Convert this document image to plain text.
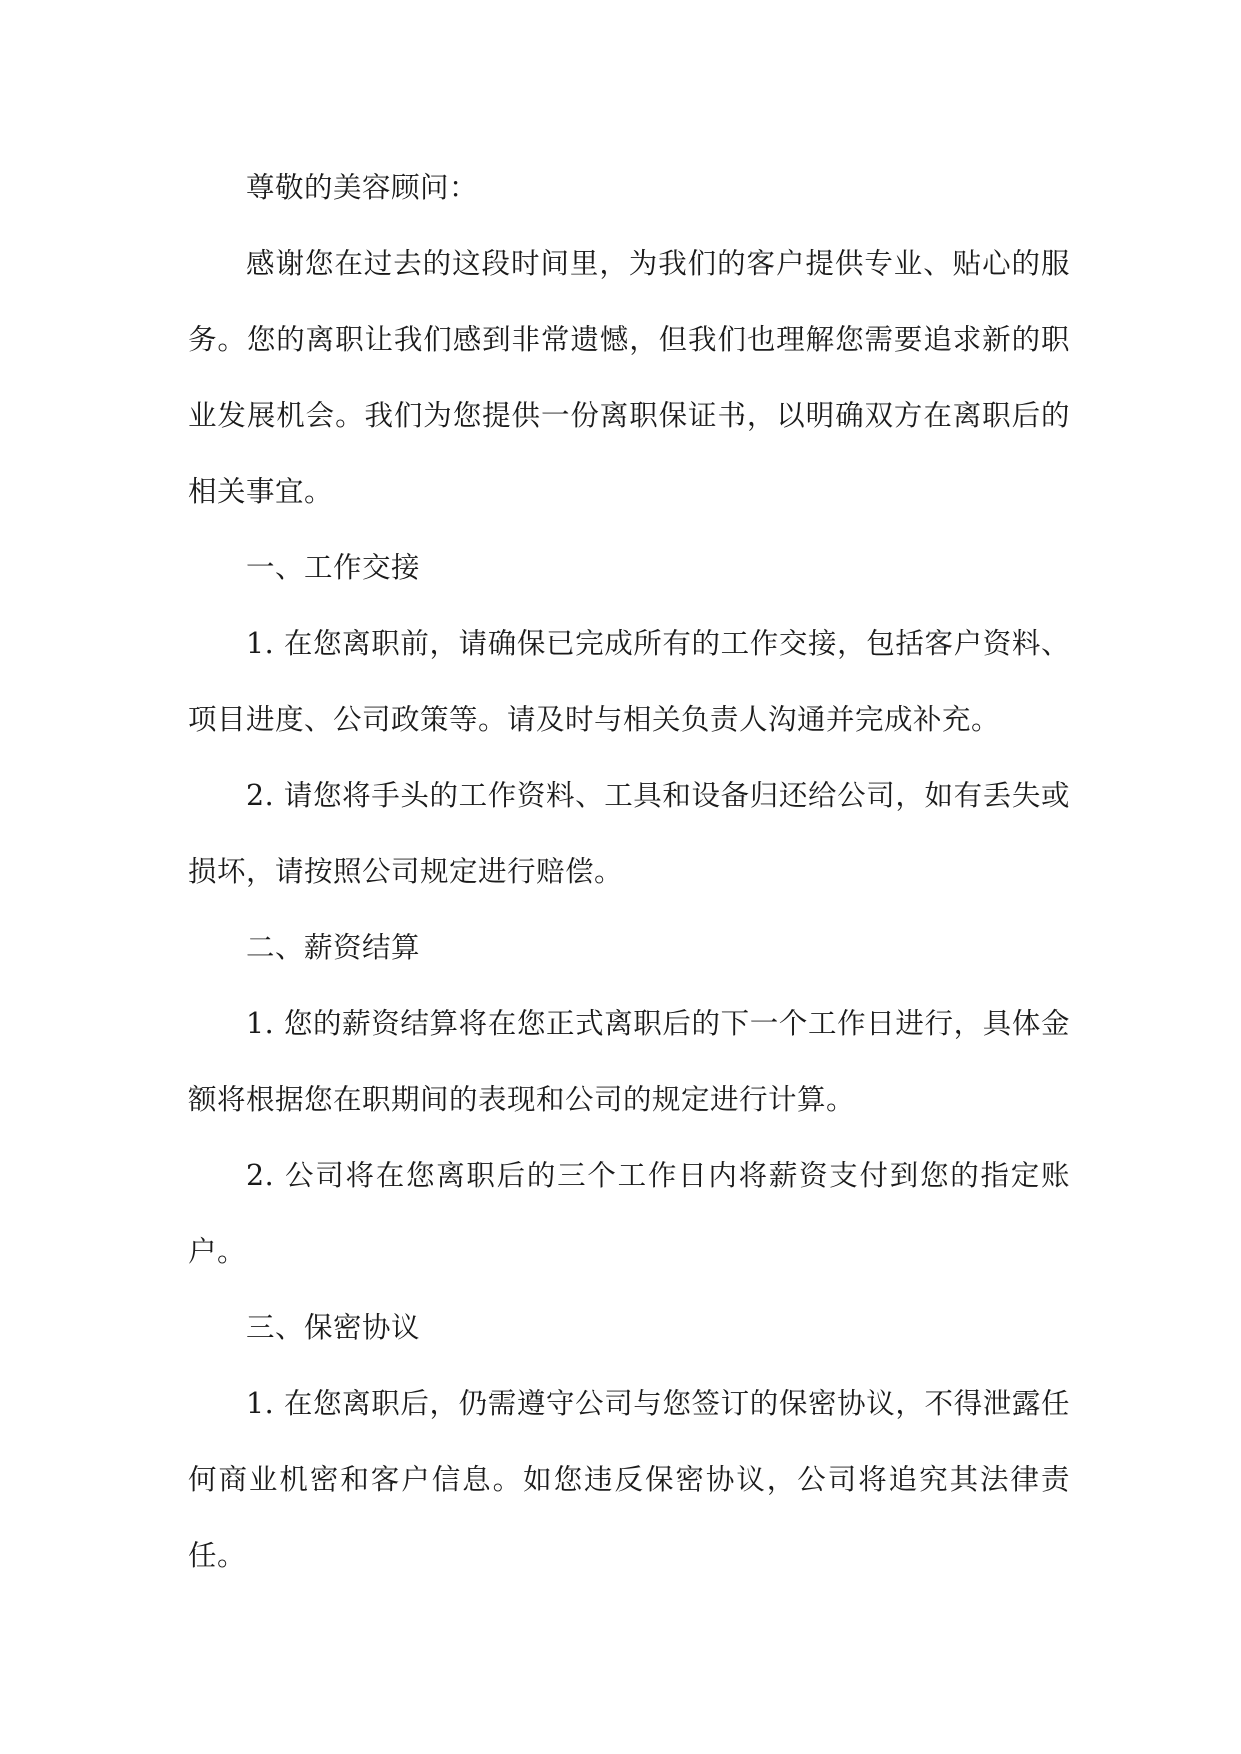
尊敬的美容顾问：

感谢您在过去的这段时间里，为我们的客户提供专业、贴心的服务。您的离职让我们感到非常遗憾，但我们也理解您需要追求新的职业发展机会。我们为您提供一份离职保证书，以明确双方在离职后的相关事宜。

一、工作交接

1. 在您离职前，请确保已完成所有的工作交接，包括客户资料、项目进度、公司政策等。请及时与相关负责人沟通并完成补充。

2. 请您将手头的工作资料、工具和设备归还给公司，如有丢失或损坏，请按照公司规定进行赔偿。

二、薪资结算

1. 您的薪资结算将在您正式离职后的下一个工作日进行，具体金额将根据您在职期间的表现和公司的规定进行计算。

2. 公司将在您离职后的三个工作日内将薪资支付到您的指定账户。

三、保密协议

1. 在您离职后，仍需遵守公司与您签订的保密协议，不得泄露任何商业机密和客户信息。如您违反保密协议，公司将追究其法律责任。
